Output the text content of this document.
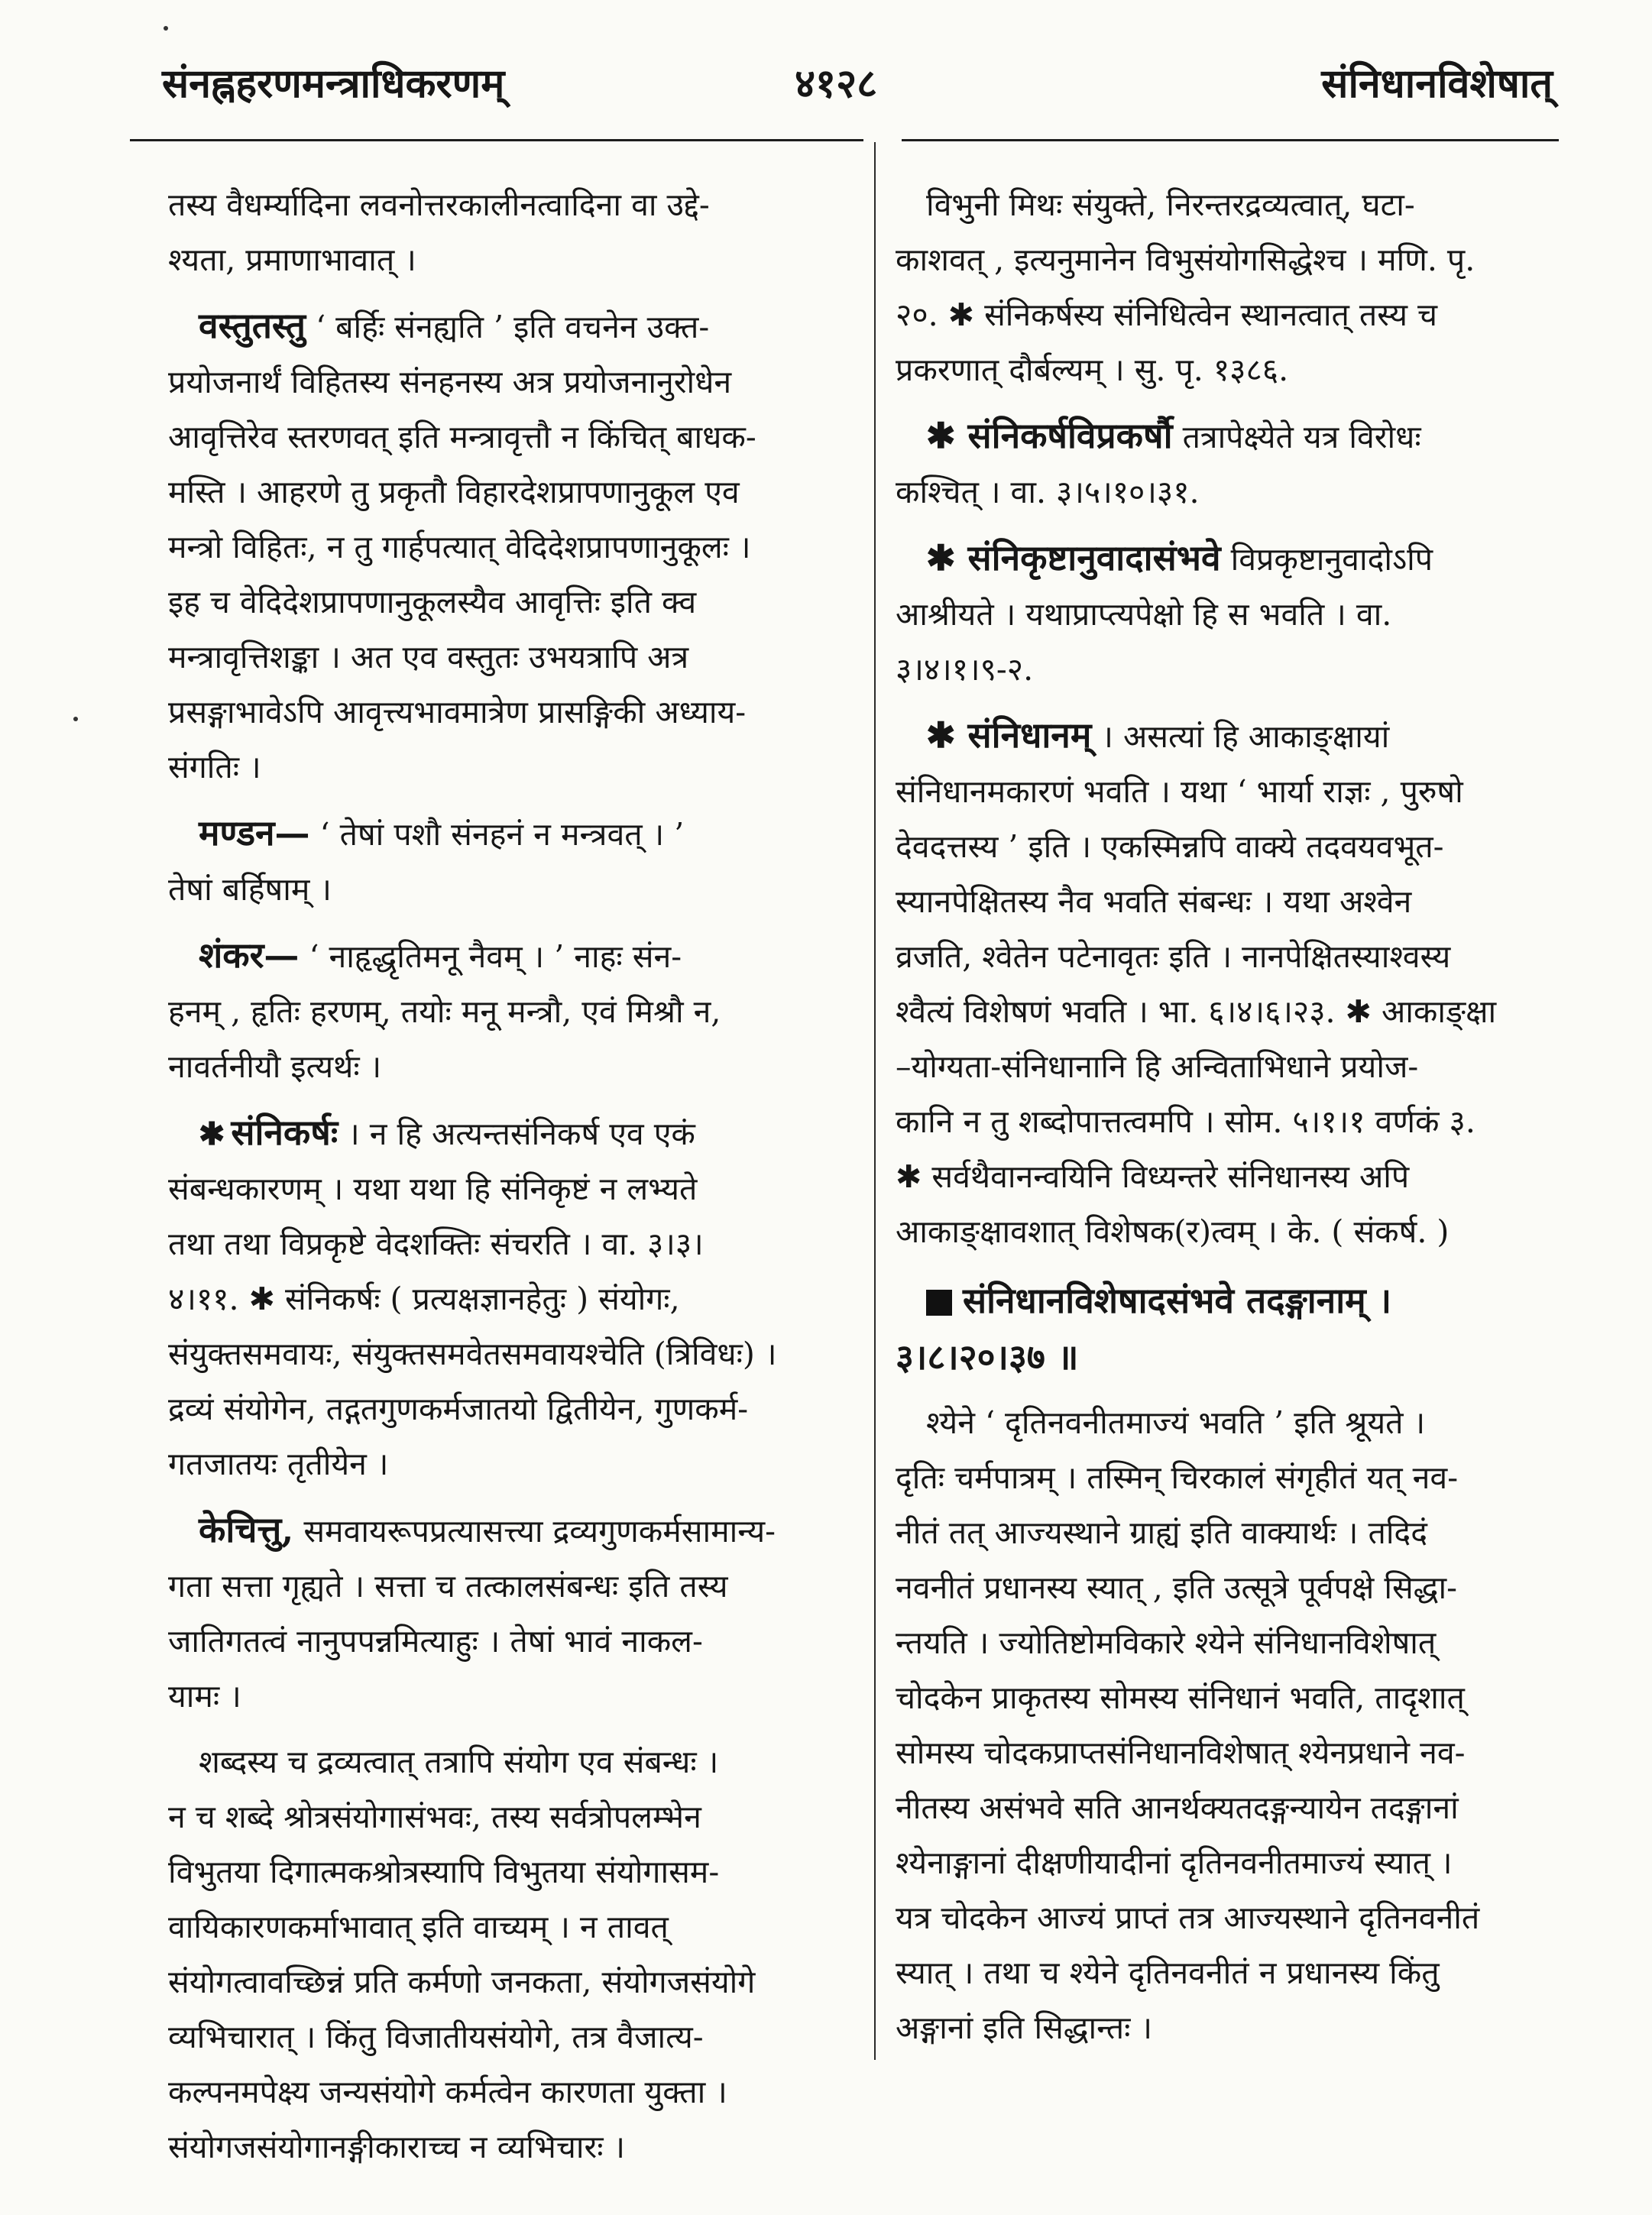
संनह्नहरणमन्त्राधिकरणम्	४१२८	संनिधानविशेषात्
तस्य वैधर्म्यादिना लवनोत्तरकालीनत्वादिना वा उद्दे-
श्यता, प्रमाणाभावात् ।
वस्तुतस्तु ‘ बर्हिः संनह्यति ’ इति वचनेन उक्त-
प्रयोजनार्थं विहितस्य संनहनस्य अत्र प्रयोजनानुरोधेन
आवृत्तिरेव स्तरणवत् इति मन्त्रावृत्तौ न किंचित् बाधक-
मस्ति । आहरणे तु प्रकृतौ विहारदेशप्रापणानुकूल एव
मन्त्रो विहितः, न तु गार्हपत्यात् वेदिदेशप्रापणानुकूलः ।
इह च वेदिदेशप्रापणानुकूलस्यैव आवृत्तिः इति क्व
मन्त्रावृत्तिशङ्का । अत एव वस्तुतः उभयत्रापि अत्र
प्रसङ्गाभावेऽपि आवृत्त्यभावमात्रेण प्रासङ्गिकी अध्याय-
संगतिः ।
मण्डन— ‘ तेषां पशौ संनहनं न मन्त्रवत् । ’
तेषां बर्हिषाम् ।
शंकर— ‘ नाहृद्धृतिमनू नैवम् । ’ नाहः संन-
हनम् , हृतिः हरणम्, तयोः मनू मन्त्रौ, एवं मिश्रौ न,
नावर्तनीयौ इत्यर्थः ।
✱ संनिकर्षः । न हि अत्यन्तसंनिकर्ष एव एकं
संबन्धकारणम् । यथा यथा हि संनिकृष्टं न लभ्यते
तथा तथा विप्रकृष्टे वेदशक्तिः संचरति । वा. ३।३।
४।११. ✱ संनिकर्षः ( प्रत्यक्षज्ञानहेतुः ) संयोगः,
संयुक्तसमवायः, संयुक्तसमवेतसमवायश्चेति (त्रिविधः) ।
द्रव्यं संयोगेन, तद्गतगुणकर्मजातयो द्वितीयेन, गुणकर्म-
गतजातयः तृतीयेन ।
केचित्तु, समवायरूपप्रत्यासत्त्या द्रव्यगुणकर्मसामान्य-
गता सत्ता गृह्यते । सत्ता च तत्कालसंबन्धः इति तस्य
जातिगतत्वं नानुपपन्नमित्याहुः । तेषां भावं नाकल-
यामः ।
शब्दस्य च द्रव्यत्वात् तत्रापि संयोग एव संबन्धः ।
न च शब्दे श्रोत्रसंयोगासंभवः, तस्य सर्वत्रोपलम्भेन
विभुतया दिगात्मकश्रोत्रस्यापि विभुतया संयोगासम-
वायिकारणकर्माभावात् इति वाच्यम् । न तावत्
संयोगत्वावच्छिन्नं प्रति कर्मणो जनकता, संयोगजसंयोगे
व्यभिचारात् । किंतु विजातीयसंयोगे, तत्र वैजात्य-
कल्पनमपेक्ष्य जन्यसंयोगे कर्मत्वेन कारणता युक्ता ।
संयोगजसंयोगानङ्गीकाराच्च न व्यभिचारः ।
विभुनी मिथः संयुक्ते, निरन्तरद्रव्यत्वात्, घटा-
काशवत् , इत्यनुमानेन विभुसंयोगसिद्धेश्च । मणि. पृ.
२०. ✱ संनिकर्षस्य संनिधित्वेन स्थानत्वात् तस्य च
प्रकरणात् दौर्बल्यम् । सु. पृ. १३८६.
✱ संनिकर्षविप्रकर्षौ तत्रापेक्ष्येते यत्र विरोधः
कश्चित् । वा. ३।५।१०।३१.
✱ संनिकृष्टानुवादासंभवे विप्रकृष्टानुवादोऽपि
आश्रीयते । यथाप्राप्त्यपेक्षो हि स भवति । वा.
३।४।१।९-२.
✱ संनिधानम् । असत्यां हि आकाङ्क्षायां
संनिधानमकारणं भवति । यथा ‘ भार्या राज्ञः , पुरुषो
देवदत्तस्य ’ इति । एकस्मिन्नपि वाक्ये तदवयवभूत-
स्यानपेक्षितस्य नैव भवति संबन्धः । यथा अश्वेन
व्रजति, श्वेतेन पटेनावृतः इति । नानपेक्षितस्याश्वस्य
श्वैत्यं विशेषणं भवति । भा. ६।४।६।२३. ✱ आकाङ्क्षा
–योग्यता-संनिधानानि हि अन्विताभिधाने प्रयोज-
कानि न तु शब्दोपात्तत्वमपि । सोम. ५।१।१ वर्णकं ३.
✱ सर्वथैवानन्वयिनि विध्यन्तरे संनिधानस्य अपि
आकाङ्क्षावशात् विशेषक(र)त्वम् । के. ( संकर्ष. )
संनिधानविशेषादसंभवे तदङ्गानाम् ।
३।८।२०।३७ ॥
श्येने ‘ दृतिनवनीतमाज्यं भवति ’ इति श्रूयते ।
दृतिः चर्मपात्रम् । तस्मिन् चिरकालं संगृहीतं यत् नव-
नीतं तत् आज्यस्थाने ग्राह्यं इति वाक्यार्थः । तदिदं
नवनीतं प्रधानस्य स्यात् , इति उत्सूत्रे पूर्वपक्षे सिद्धा-
न्तयति । ज्योतिष्टोमविकारे श्येने संनिधानविशेषात्
चोदकेन प्राकृतस्य सोमस्य संनिधानं भवति, तादृशात्
सोमस्य चोदकप्राप्तसंनिधानविशेषात् श्येनप्रधाने नव-
नीतस्य असंभवे सति आनर्थक्यतदङ्गन्यायेन तदङ्गानां
श्येनाङ्गानां दीक्षणीयादीनां दृतिनवनीतमाज्यं स्यात् ।
यत्र चोदकेन आज्यं प्राप्तं तत्र आज्यस्थाने दृतिनवनीतं
स्यात् । तथा च श्येने दृतिनवनीतं न प्रधानस्य किंतु
अङ्गानां इति सिद्धान्तः ।
